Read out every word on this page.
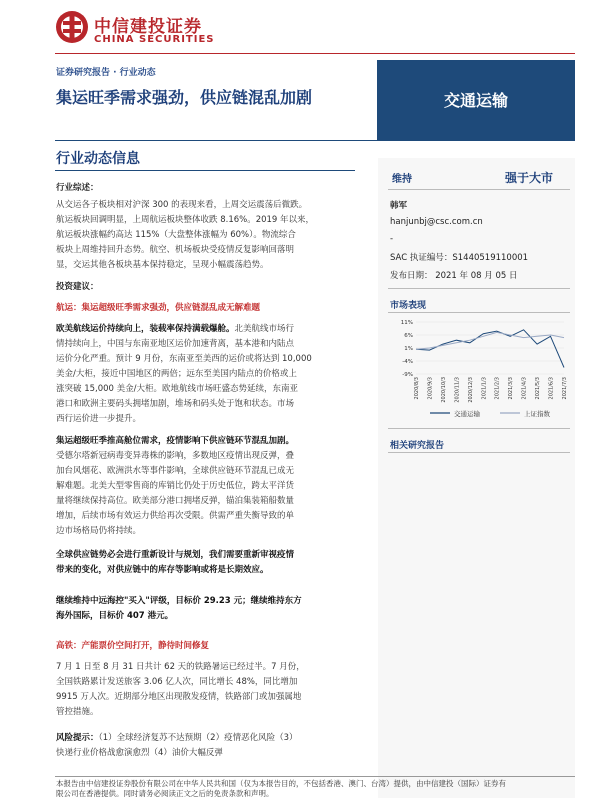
中信建投证券
CHINA SECURITIES
证券研究报告 · 行业动态
集运旺季需求强劲，供应链混乱加剧	交通运输
行业动态信息
行业综述：
从交运各子板块相对沪深 300 的表现来看，上周交运震荡后微跌。
航运板块回调明显，上周航运板块整体收跌 8.16%。2019 年以来，
航运板块涨幅约高达 115%（大盘整体涨幅为 60%）。物流综合
板块上周维持回升态势。航空、机场板块受疫情反复影响回落明
显，交运其他各板块基本保持稳定，呈现小幅震荡趋势。
投资建议：
航运：集运超级旺季需求强劲，供应链混乱成无解难题
欧美航线运价持续向上，装载率保持满载爆舱。北美航线市场行
情持续向上，中国与东南亚地区运价加速背离，基本港和内陆点
运价分化严重。预计 9 月份，东南亚至美西的运价或将达到 10,000
美金/大柜，接近中国地区的两倍；远东至美国内陆点的价格或上
涨突破 15,000 美金/大柜。欧地航线市场旺盛态势延续，东南亚
港口和欧洲主要码头拥堵加剧，堆场和码头处于饱和状态。市场
西行运价进一步提升。
集运超级旺季推高舱位需求，疫情影响下供应链环节混乱加剧。
受德尔塔新冠病毒变异毒株的影响，多数地区疫情出现反弹，叠
加台风烟花、欧洲洪水等事件影响，全球供应链环节混乱已成无
解难题。北美大型零售商的库销比仍处于历史低位，跨太平洋货
量将继续保持高位。欧美部分港口拥堵反弹，锚泊集装箱船数量
增加，后续市场有效运力供给再次受限。供需严重失衡导致的单
边市场格局仍将持续。
全球供应链势必会进行重新设计与规划，我们需要重新审视疫情
带来的变化，对供应链中的库存等影响或将是长期效应。
继续维持中远海控"买入"评级，目标价 29.23 元；继续维持东方
海外国际，目标价 407 港元。
高铁：产能票价空间打开，静待时间修复
7 月 1 日至 8 月 31 日共计 62 天的铁路暑运已经过半。7 月份，
全国铁路累计发送旅客 3.06 亿人次，同比增长 48%，同比增加
9915 万人次。近期部分地区出现散发疫情，铁路部门或加强属地
管控措施。
风险提示：（1）全球经济复苏不达预期（2）疫情恶化风险（3）
快递行业价格战愈演愈烈（4）油价大幅反弹
维持	强于大市
韩军
hanjunbj@csc.com.cn
-
SAC 执证编号：S1440519110001
发布日期： 2021 年 08 月 05 日
市场表现
11%
6%
1%
-4%
-9%
2020/8/3 2020/9/3 2020/10/3 2020/11/3 2020/12/3 2021/1/3 2021/2/3 2021/3/3 2021/4/3 2021/5/3 2021/6/3 2021/7/3
交通运输	上证指数
相关研究报告
本报告由中信建投证券股份有限公司在中华人民共和国（仅为本报告目的，不包括香港、澳门、台湾）提供，由中信建投（国际）证券有
限公司在香港提供。同时请务必阅读正文之后的免责条款和声明。
